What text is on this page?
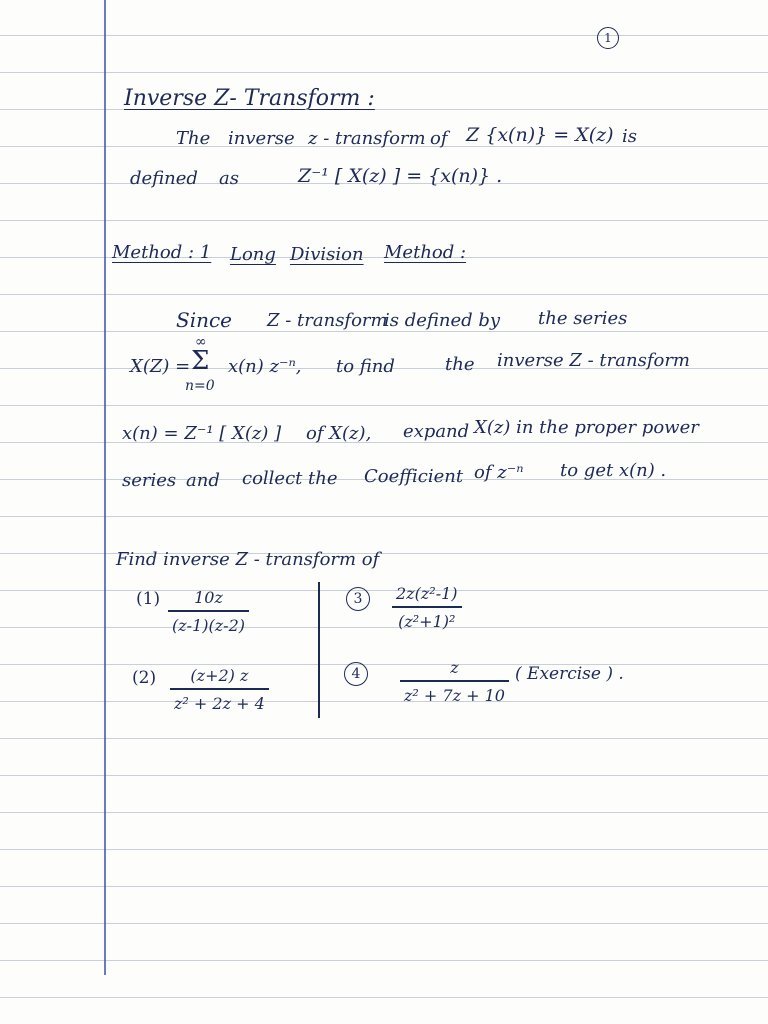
1
Inverse Z- Transform :
The inverse z - transform of Z {x(n)} = X(z) is
defined as	Z⁻¹ [ X(z) ] = {x(n)} .
Method : 1 Long Division Method :
Since Z - transform
is defined by the series
X(Z) =
∞
Σ
n=0
x(n) z⁻ⁿ, to find	the inverse Z - transform
x(n) = Z⁻¹ [ X(z) ] of X(z), expand X(z) in the proper power
series and collect the Coefficient of z⁻ⁿ to get x(n) .
Find inverse Z - transform of
(1) 10z
(z-1)(z-2)
3	2z(z²-1)
(z²+1)²
(2) (z+2) z
z² + 2z + 4
4	z
z² + 7z + 10
( Exercise ) .
